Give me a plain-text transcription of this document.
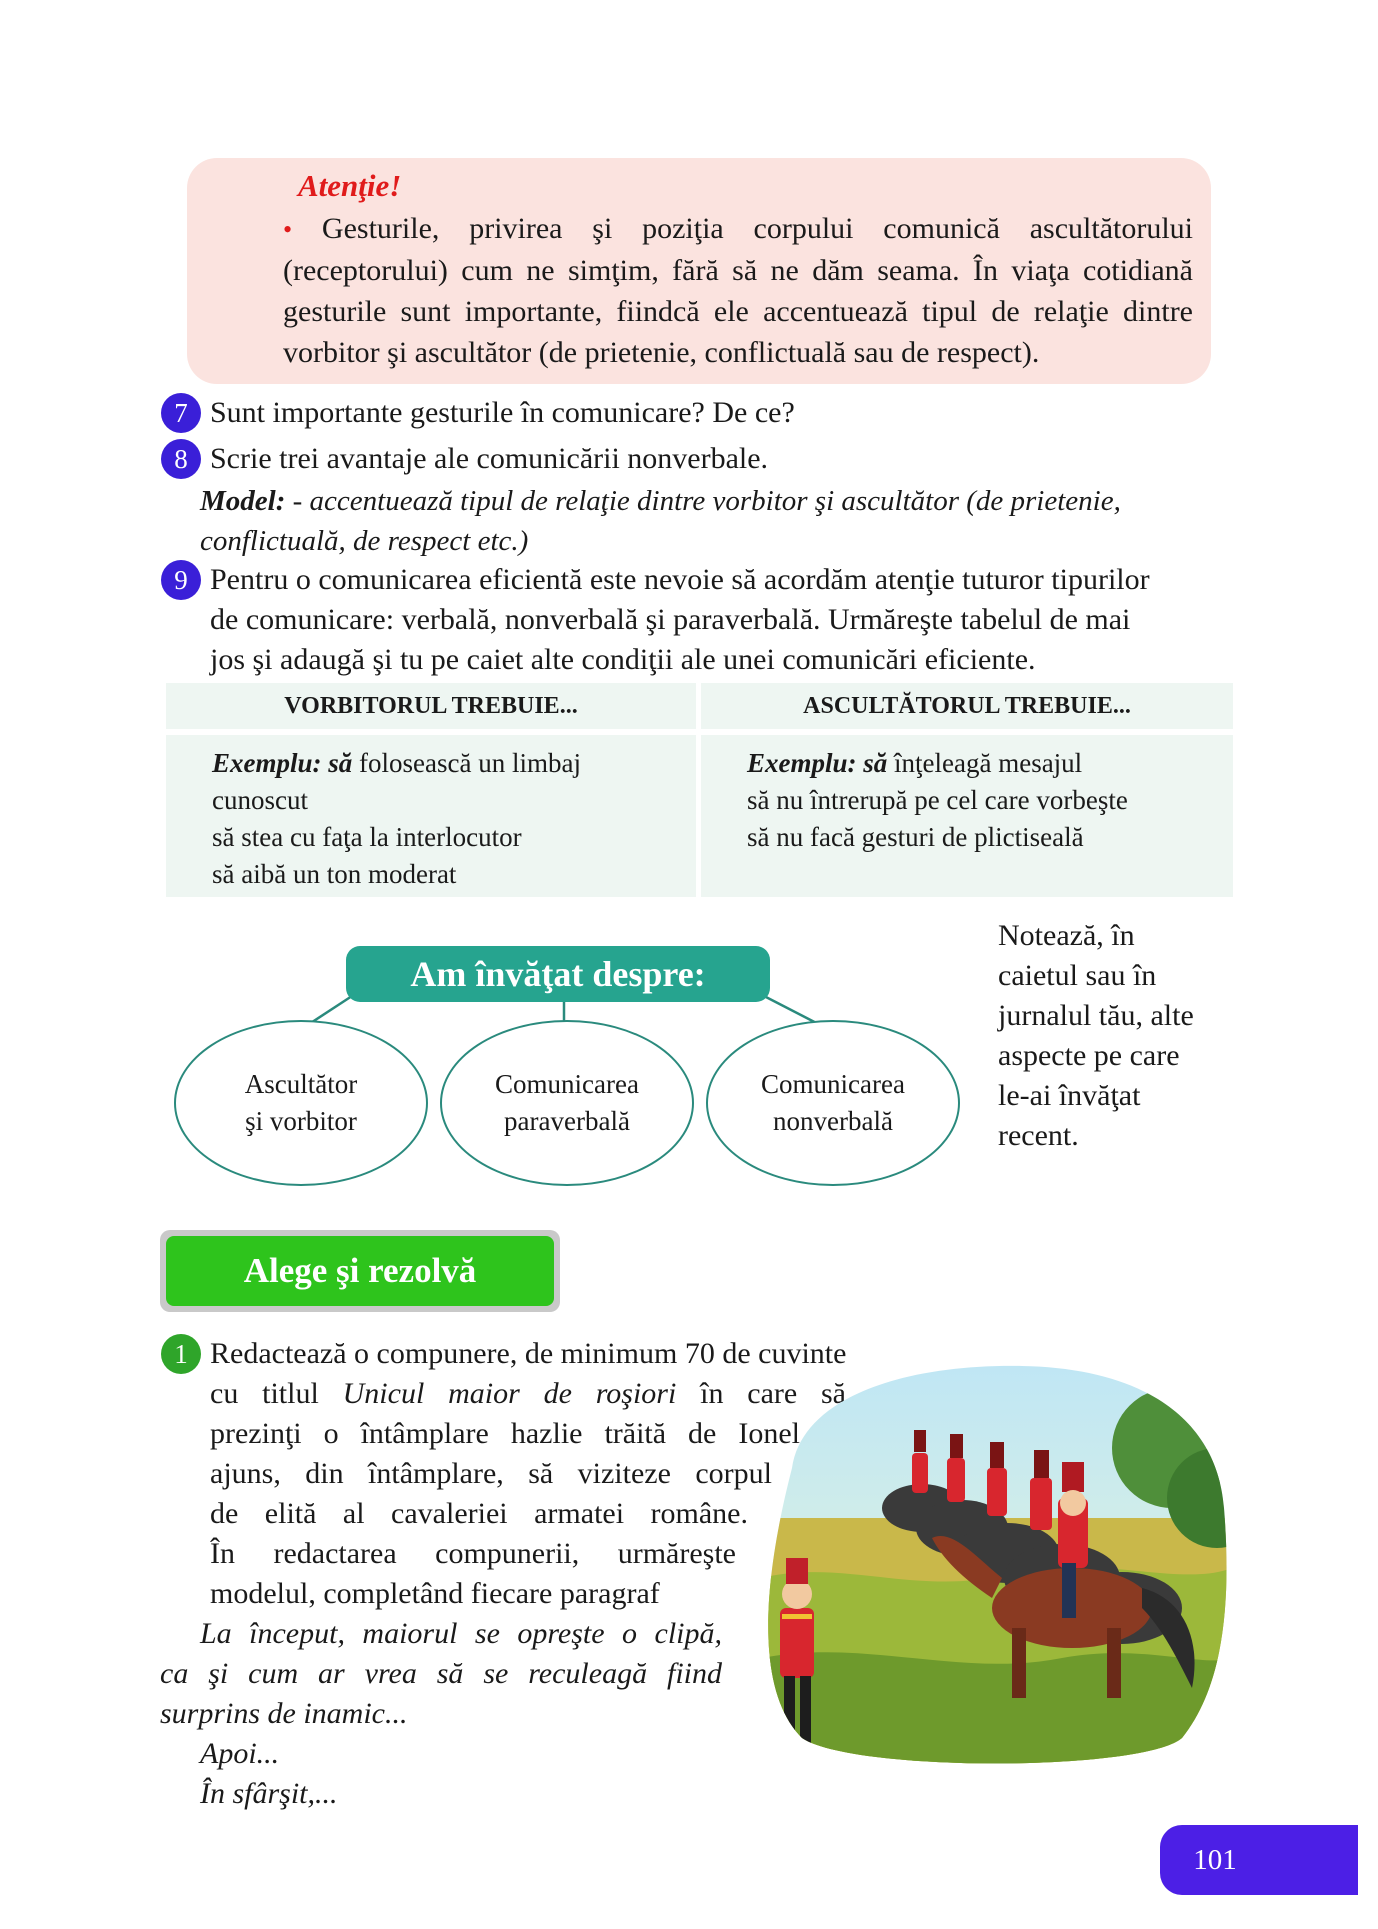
Atenţie!
• Gesturile, privirea şi poziţia corpului comunică ascultătorului
(receptorului) cum ne simţim, fără să ne dăm seama. În viaţa cotidiană
gesturile sunt importante, fiindcă ele accentuează tipul de relaţie dintre
vorbitor şi ascultător (de prietenie, conflictuală sau de respect).
7 Sunt importante gesturile în comunicare? De ce?
8 Scrie trei avantaje ale comunicării nonverbale.
Model: - accentuează tipul de relaţie dintre vorbitor şi ascultător (de prietenie,
conflictuală, de respect etc.)
9 Pentru o comunicarea eficientă este nevoie să acordăm atenţie tuturor tipurilor
de comunicare: verbală, nonverbală şi paraverbală. Urmăreşte tabelul de mai
jos şi adaugă şi tu pe caiet alte condiţii ale unei comunicări eficiente.
VORBITORUL TREBUIE...	ASCULTĂTORUL TREBUIE...
Exemplu: să folosească un limbaj
cunoscut
să stea cu faţa la interlocutor
să aibă un ton moderat
Exemplu: să înţeleagă mesajul
să nu întrerupă pe cel care vorbeşte
să nu facă gesturi de plictiseală
Am învăţat despre:
Ascultător
şi vorbitor
Comunicarea
paraverbală
Comunicarea
nonverbală
Notează, în
caietul sau în
jurnalul tău, alte
aspecte pe care
le-ai învăţat
recent.
Alege şi rezolvă
1 Redactează o compunere, de minimum 70 de cuvinte
cu titlul Unicul maior de roşiori în care să
prezinţi o întâmplare hazlie trăită de Ionel
ajuns, din întâmplare, să viziteze corpul
de elită al cavaleriei armatei române.
În redactarea compunerii, urmăreşte
modelul, completând fiecare paragraf
La început, maiorul se opreşte o clipă,
ca şi cum ar vrea să se reculeagă fiind
surprins de inamic...
Apoi...
În sfârşit,...
101
